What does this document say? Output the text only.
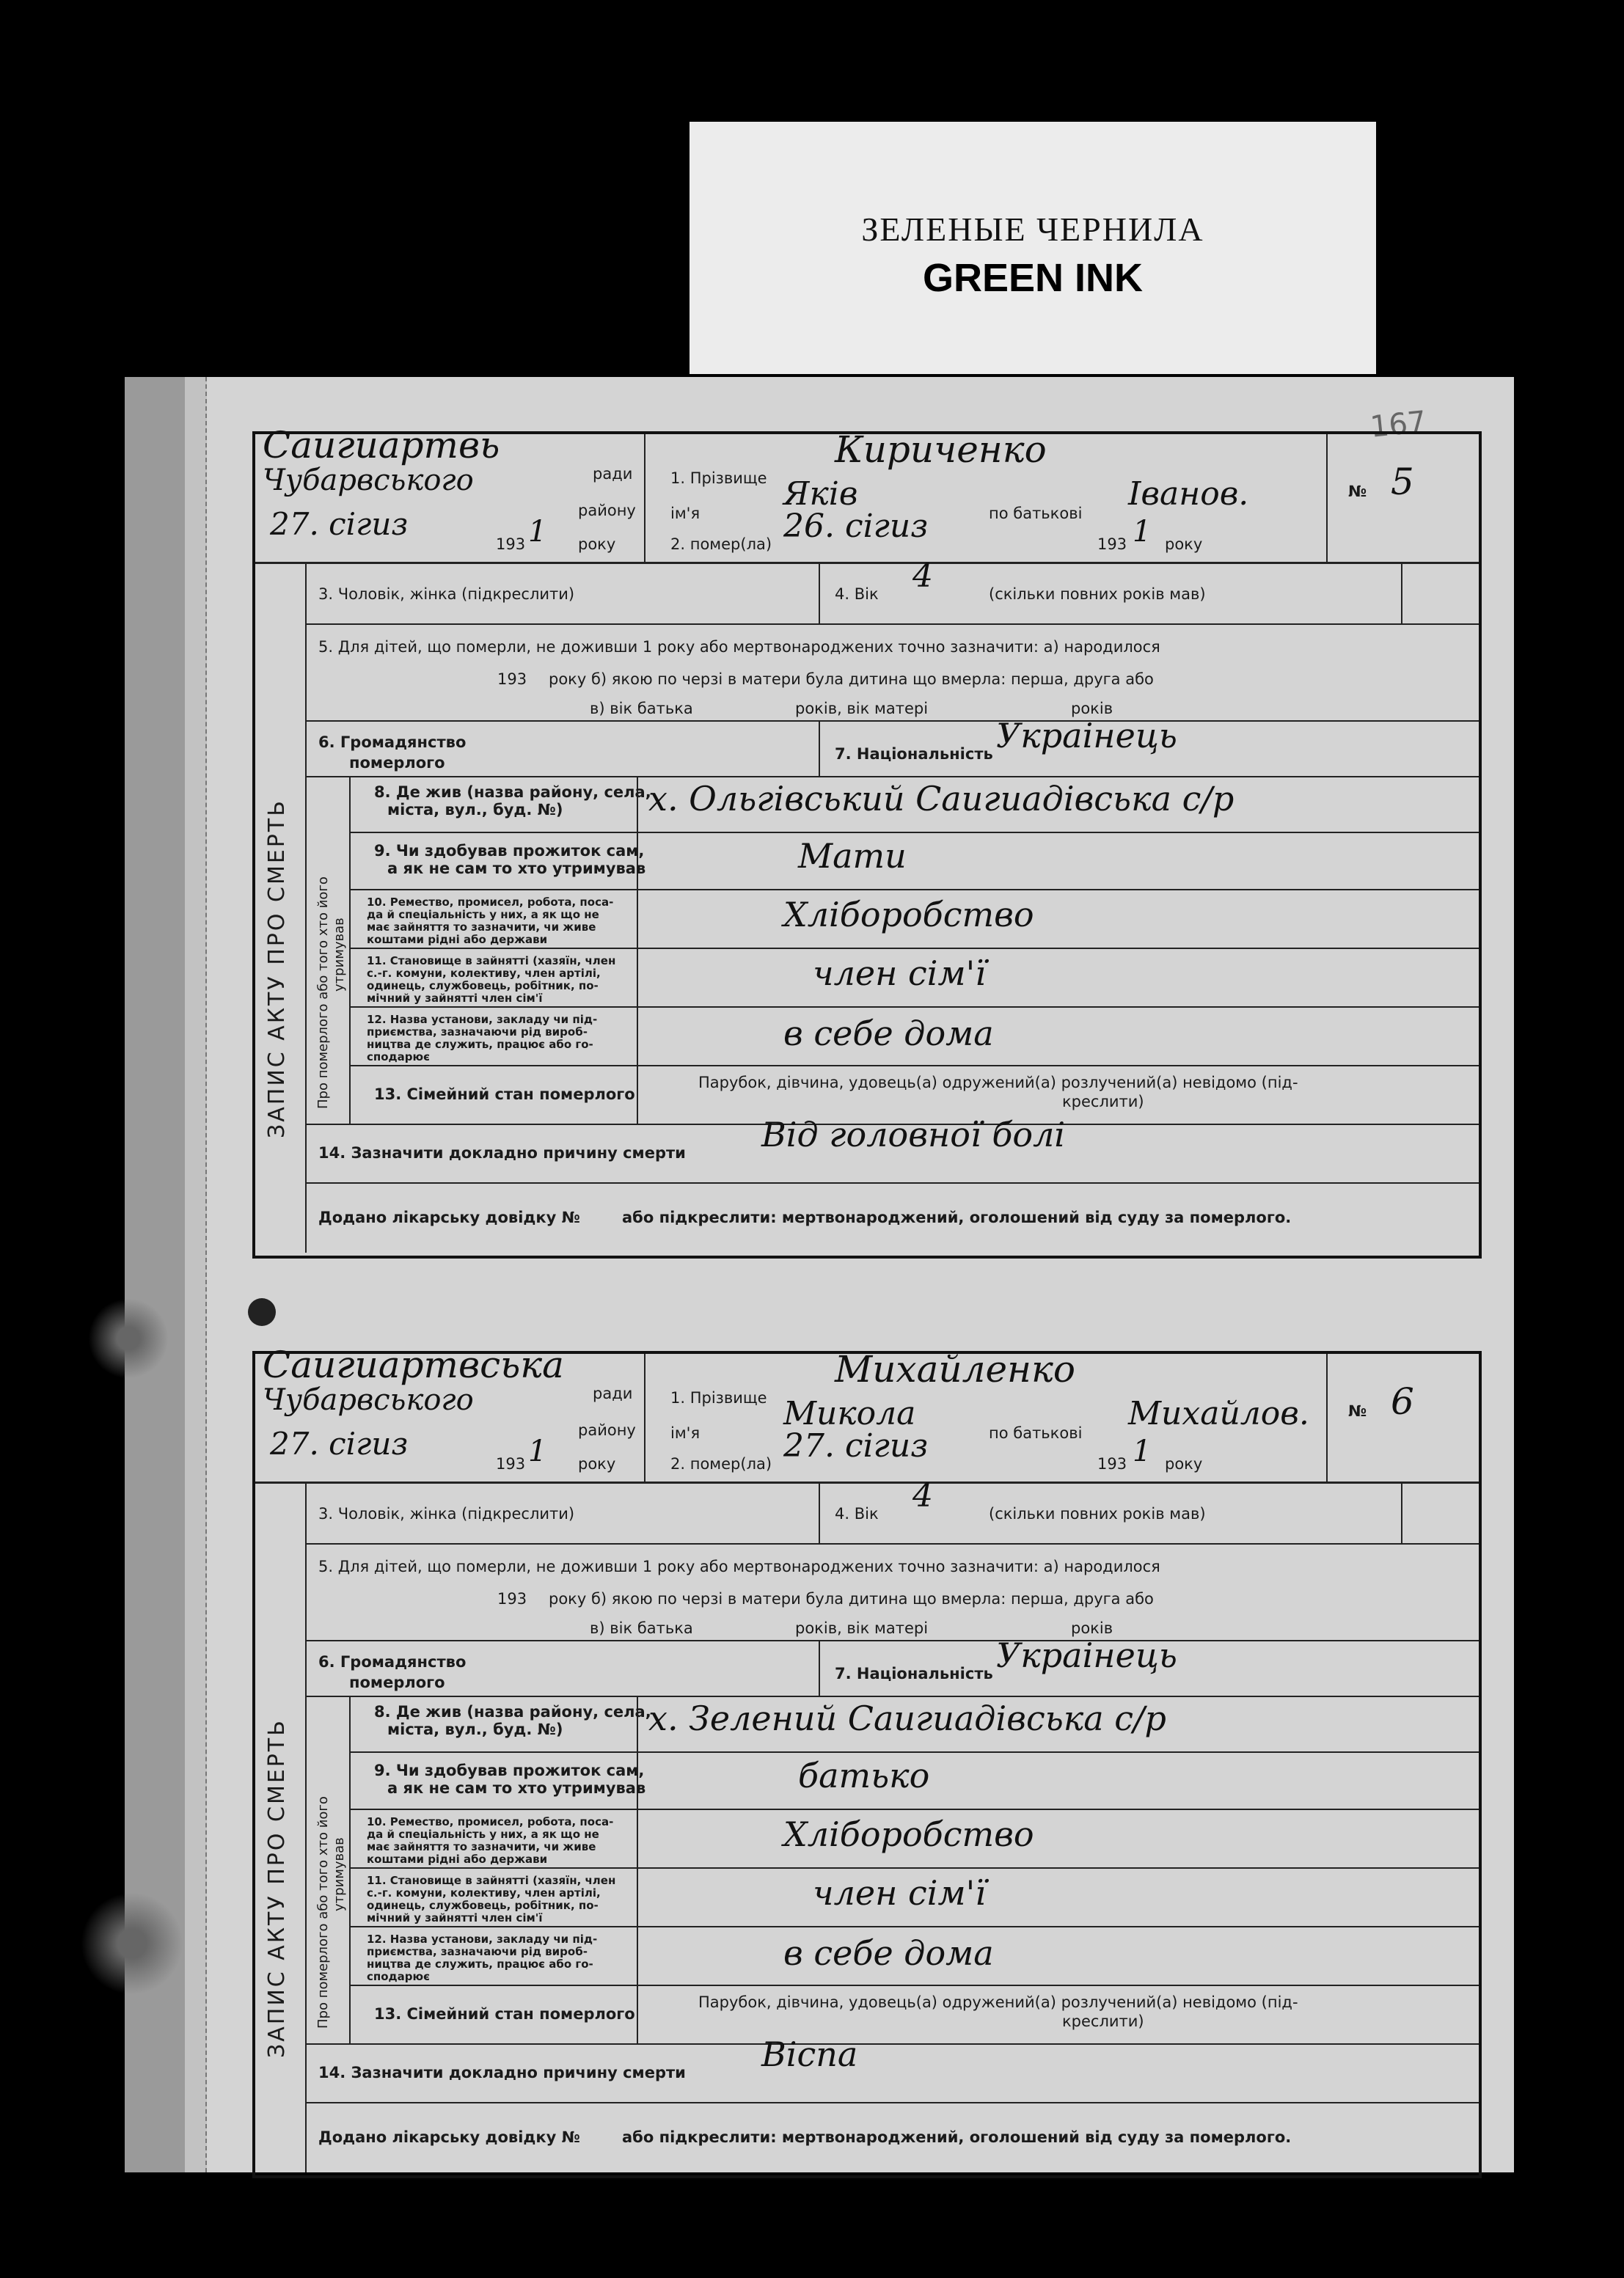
ЗЕЛЕНЫЕ ЧЕРНИЛА
GREEN INK
167
Саигиартвь
ради
Чубарвського
району
27. сiгиз
193 1 року
1. Прізвище
Кириченко
ім'я
Яків
по батькові
Іванов.
2. помер(ла) 26. сiгиз	193 1 року
№ 5
3. Чоловік, жінка (підкреслити)	4. Вік 4	(скільки повних років мав)
5. Для дітей, що померли, не доживши 1 року або мертвонароджених точно зазначити: а) народилося
193 року б) якою по черзі в матери була дитина що вмерла: перша, друга або
в) вік батька	років, вік матері	років
6. Громадянство
померлого	7. Національність Украінець
8. Де жив (назва району, села,
міста, вул., буд. №)	х. Ольгівський Саигиадівська с/р
9. Чи здобував прожиток сам,
а як не сам то хто утримував	Мати
10. Ремество, промисел, робота, поса-
да й спеціальність у них, а як що не
має зайняття то зазначити, чи живе
коштами рідні або держави
Хліборобство
11. Становище в зайнятті (хазяїн, член
с.-г. комуни, колективу, член артілі,
одинець, службовець, робітник, по-
мічний у зайнятті член сім'ї
член сім'ї
12. Назва установи, закладу чи під-
приємства, зазначаючи рід вироб-
ництва де служить, працює або го-
сподарює
в себе дома
13. Сімейний стан померлого
Парубок, дівчина, удовець(а) одружений(а) розлучений(а) невідомо (під-
креслити)
14. Зазначити докладно причину смерти Від головної болі
Додано лікарську довідку №	або підкреслити: мертвонароджений, оголошений від суду за померлого.
ЗАПИС АКТУ ПРО СМЕРТЬ Про померлого або того хто його утримував
Саигиартвська
ради
Чубарвського
району
27. сiгиз
193 1 року
1. Прізвище
Михайленко
ім'я
Микола
по батькові
Михайлов.
2. помер(ла) 27. сiгиз	193 1 року
№ 6
3. Чоловік, жінка (підкреслити)	4. Вік 4	(скільки повних років мав)
5. Для дітей, що померли, не доживши 1 року або мертвонароджених точно зазначити: а) народилося
193 року б) якою по черзі в матери була дитина що вмерла: перша, друга або
в) вік батька	років, вік матері	років
6. Громадянство
померлого	7. Національність Украінець
8. Де жив (назва району, села,
міста, вул., буд. №)	х. Зелений Саигиадівська с/р
9. Чи здобував прожиток сам,
а як не сам то хто утримував	батько
10. Ремество, промисел, робота, поса-
да й спеціальність у них, а як що не
має зайняття то зазначити, чи живе
коштами рідні або держави
Хліборобство
11. Становище в зайнятті (хазяїн, член
с.-г. комуни, колективу, член артілі,
одинець, службовець, робітник, по-
мічний у зайнятті член сім'ї
член сім'ї
12. Назва установи, закладу чи під-
приємства, зазначаючи рід вироб-
ництва де служить, працює або го-
сподарює
в себе дома
13. Сімейний стан померлого
Парубок, дівчина, удовець(а) одружений(а) розлучений(а) невідомо (під-
креслити)
14. Зазначити докладно причину смерти Віспа
Додано лікарську довідку №	або підкреслити: мертвонароджений, оголошений від суду за померлого.
ЗАПИС АКТУ ПРО СМЕРТЬ Про померлого або того хто його утримував
